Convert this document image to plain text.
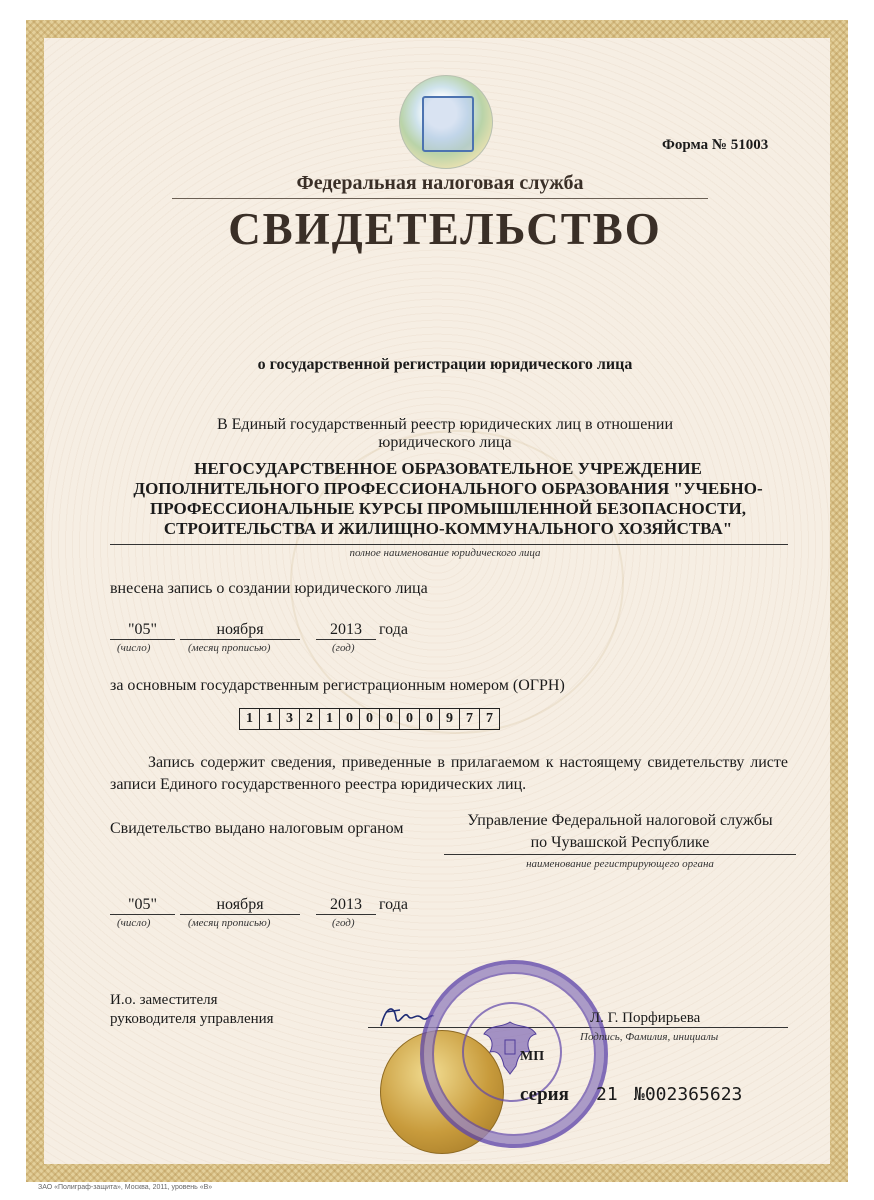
Форма № 51003
Федеральная налоговая служба
СВИДЕТЕЛЬСТВО
о государственной регистрации юридического лица
В Единый государственный реестр юридических лиц в отношении
юридического лица
НЕГОСУДАРСТВЕННОЕ ОБРАЗОВАТЕЛЬНОЕ УЧРЕЖДЕНИЕ
ДОПОЛНИТЕЛЬНОГО ПРОФЕССИОНАЛЬНОГО ОБРАЗОВАНИЯ "УЧЕБНО-
ПРОФЕССИОНАЛЬНЫЕ КУРСЫ ПРОМЫШЛЕННОЙ БЕЗОПАСНОСТИ,
СТРОИТЕЛЬСТВА И ЖИЛИЩНО-КОММУНАЛЬНОГО ХОЗЯЙСТВА"
полное наименование юридического лица
внесена запись о создании юридического лица
"05"	ноября	2013	года
(число)	(месяц прописью)	(год)
за основным государственным регистрационным номером (ОГРН)
1 1 3 2 1 0 0 0 0 0 9 7 7
Запись содержит сведения, приведенные в прилагаемом к настоящему свидетельству листе записи Единого государственного реестра юридических лиц.
Свидетельство выдано налоговым органом	Управление Федеральной налоговой службы
по Чувашской Республике
наименование регистрирующего органа
"05"	ноября	2013	года
(число)	(месяц прописью)	(год)
И.о. заместителя
руководителя управления	Л. Г. Порфирьева
Подпись, Фамилия, инициалы
МП
серия 21 №002365623
ЗАО «Полиграф-защита», Москва, 2011, уровень «В»
